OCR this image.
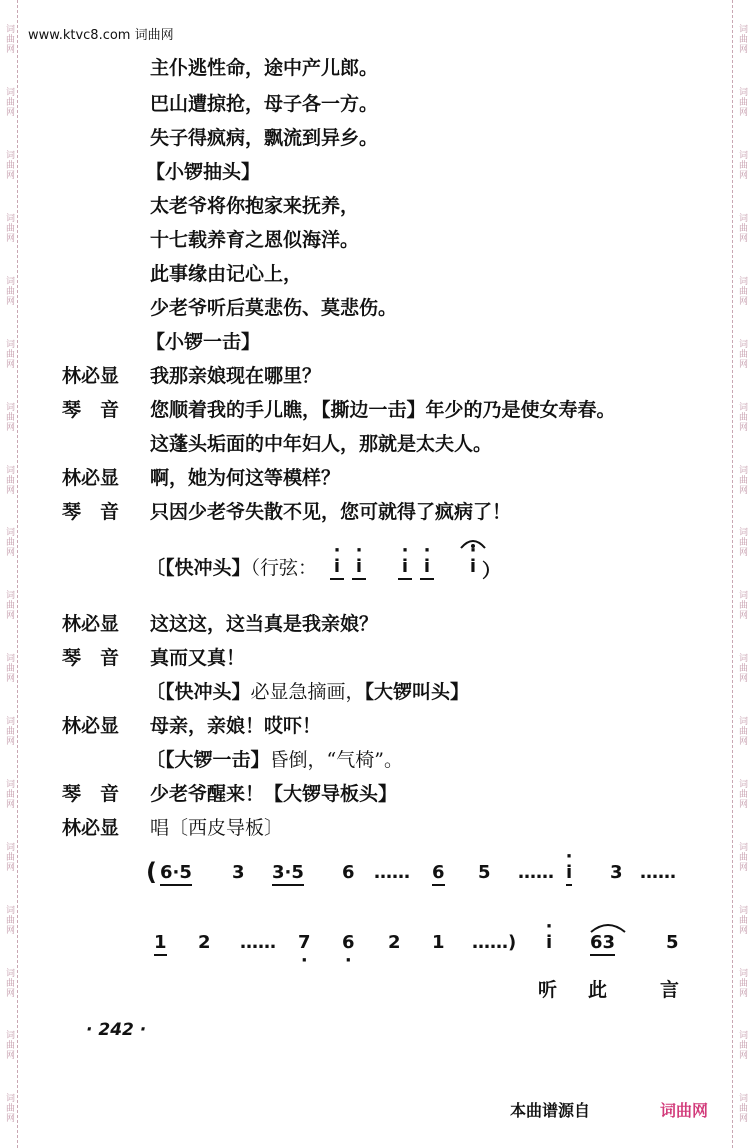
词曲网
词曲网
词曲网
词曲网
词曲网
词曲网
词曲网
词曲网
词曲网
词曲网
词曲网
词曲网
词曲网
词曲网
词曲网
词曲网
词曲网
词曲网
词曲网
词曲网
词曲网
词曲网
词曲网
词曲网
词曲网
词曲网
词曲网
词曲网
词曲网
词曲网
词曲网
词曲网
词曲网
词曲网
词曲网
词曲网
www.ktvc8.com 词曲网
主仆逃性命，途中产儿郎。
巴山遭掠抢，母子各一方。
失子得疯病，飘流到异乡。
【小锣抽头】
太老爷将你抱家来抚养，
十七载养育之恩似海洋。
此事缘由记心上，
少老爷听后莫悲伤、莫悲伤。
【小锣一击】
林必显 我那亲娘现在哪里？
琴　音 您顺着我的手儿瞧，【撕边一击】年少的乃是使女寿春。
这蓬头垢面的中年妇人，那就是太夫人。
林必显 啊，她为何这等模样？
琴　音 只因少老爷失散不见，您可就得了疯病了！
〔【快冲头】（行弦： · i · i · i · i · i ）
林必显 这这这，这当真是我亲娘？
琴　音 真而又真！
〔【快冲头】必显急摘画，【大锣叫头】
林必显 母亲，亲娘！哎吓！
〔【大锣一击】昏倒，“气椅”。
琴　音 少老爷醒来！【大锣导板头】
林必显 唱〔西皮导板〕
( 6·5 3 3·5 6 …… 6 5 …… · i 3 ……
1 2 …… 7 · 6 · 2 1 ……) · i 63	5
听 此	言
· 242 ·
本曲谱源自	词曲网
